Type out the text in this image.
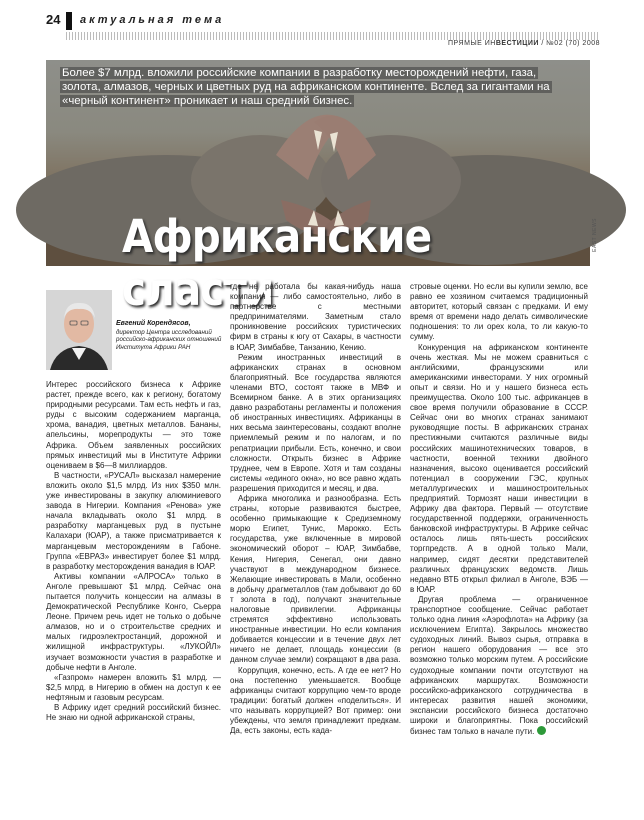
24 актуальная тема
ПРЯМЫЕ ИНВЕСТИЦИИ / №02 (70) 2008
Более $7 млрд. вложили российские компании в разработку месторождений нефти, газа, золота, алмазов, черных и цветных руд на африканском континенте. Вслед за гигантами на «черный континент» проникает и наш средний бизнес.
Африканские сласти
EAST NEWS
Евгений Корендясов,
директор Центра исследований российско-африканских отношений Института Африки РАН

Интерес российского бизнеса к Африке растет, прежде всего, как к региону, богатому природными ресурсами. Там есть нефть и газ, руды с высоким содержанием марганца, хрома, ванадия, цветных металлов. Бананы, апельсины, морепродукты — это тоже Африка. Объем заявленных российских прямых инвестиций мы в Институте Африки оцениваем в $6—8 миллиардов.

В частности, «РУСАЛ» высказал намерение вложить около $1,5 млрд. Из них $350 млн. уже инвестированы в закупку алюминиевого завода в Нигерии. Компания «Ренова» уже начала вкладывать около $1 млрд. в разработку марганцевых руд в пустыне Калахари (ЮАР), а также присматривается к марганцевым месторождениям в Габоне. Группа «ЕВРАЗ» инвестирует более $1 млрд. в разработку месторождения ванадия в ЮАР.

Активы компании «АЛРОСА» только в Анголе превышают $1 млрд. Сейчас она пытается получить концессии на алмазы в Демократической Республике Конго, Сьерра Леоне. Причем речь идет не только о добыче алмазов, но и о строительстве средних и малых гидроэлектростанций, дорожной и жилищной инфраструктуры. «ЛУКОЙЛ» изучает возможности участия в разработке и добыче нефти в Анголе.

«Газпром» намерен вложить $1 млрд. — $2,5 млрд. в Нигерию в обмен на доступ к ее нефтяным и газовым ресурсам.

В Африку идет средний российский бизнес. Не знаю ни одной африканской страны,

где не работала бы какая-нибудь наша компания — либо самостоятельно, либо в партнерстве с местными предпринимателями. Заметным стало проникновение российских туристических фирм в страны к югу от Сахары, в частности в ЮАР, Зимбабве, Танзанию, Кению.

Режим иностранных инвестиций в африканских странах в основном благоприятный. Все государства являются членами ВТО, состоят также в МВФ и Всемирном банке. А в этих организациях давно разработаны регламенты и положения об иностранных инвестициях. Африканцы в них весьма заинтересованы, создают вполне приемлемый режим и по налогам, и по репатриации прибыли. Есть, конечно, и свои сложности. Открыть бизнес в Африке труднее, чем в Европе. Хотя и там созданы системы «единого окна», но все равно ждать разрешения приходится и месяц, и два.

Африка многолика и разнообразна. Есть страны, которые развиваются быстрее, особенно примыкающие к Средиземному морю Египет, Тунис, Марокко. Есть государства, уже включенные в мировой экономический оборот – ЮАР, Зимбабве, Кения, Нигерия, Сенегал, они давно участвуют в международном бизнесе. Желающие инвестировать в Мали, особенно в добычу драгметаллов (там добывают до 60 т золота в год), получают значительные налоговые привилегии. Африканцы стремятся эффективно использовать иностранные инвестиции. Но если компания добивается концессии и в течение двух лет ничего не делает, площадь концессии (в данном случае земли) сокращают в два раза.

Коррупция, конечно, есть. А где ее нет? Но она постепенно уменьшается. Вообще африканцы считают коррупцию чем-то вроде традиции: богатый должен «поделиться». И что называть коррупцией? Вот пример: они убеждены, что земля принадлежит предкам. Да, есть законы, есть када-

стровые оценки. Но если вы купили землю, все равно ее хозяином считаемся традиционный авторитет, который связан с предками. И ему время от времени надо делать символические подношения: то ли орех кола, то ли какую-то сумму.

Конкуренция на африканском континенте очень жесткая. Мы не можем сравниться с английскими, французскими или американскими инвесторами. У них огромный опыт и связи. Но и у нашего бизнеса есть преимущества. Около 100 тыс. африканцев в свое время получили образование в СССР. Сейчас они во многих странах занимают руководящие посты. В африканских странах престижными считаются различные виды российских машинотехнических товаров, в частности, военной техники двойного назначения, высоко оценивается российский потенциал в сооружении ГЭС, крупных металлургических и машиностроительных предприятий. Тормозят наши инвестиции в Африку два фактора. Первый — отсутствие государственной поддержки, ограниченность банковской инфраструктуры. В Африке сейчас осталось лишь пять-шесть российских торгпредств. А в одной только Мали, например, сидят десятки представителей различных французских ведомств. Лишь недавно ВТБ открыл филиал в Анголе, ВЭБ — в ЮАР.

Другая проблема — ограниченное транспортное сообщение. Сейчас работает только одна линия «Аэрофлота» на Африку (за исключением Египта). Закрылось множество судоходных линий. Вывоз сырья, отправка в регион нашего оборудования — все это возможно только морским путем. А российские судоходные компании почти отсутствуют на африканских маршрутах. Возможности российско-африканского сотрудничества в интересах развития нашей экономики, экспансии российского бизнеса достаточно широки и благоприятны. Пока российский бизнес там только в начале пути.
